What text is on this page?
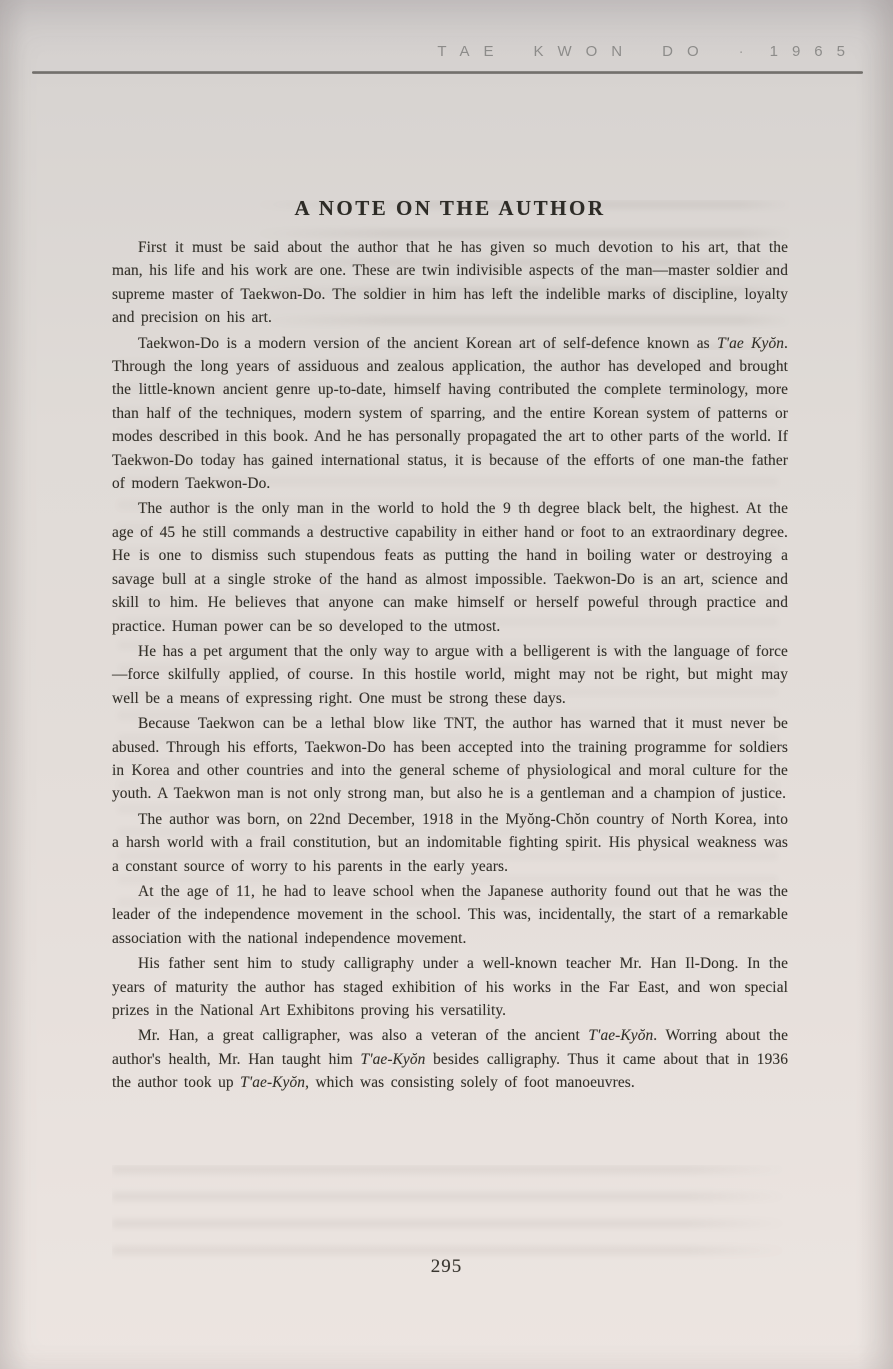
TAE KWON DO · 1965
A NOTE ON THE AUTHOR

First it must be said about the author that he has given so much devotion to his art, that the man, his life and his work are one. These are twin indivisible aspects of the man—master soldier and supreme master of Taekwon-Do. The soldier in him has left the indelible marks of discipline, loyalty and precision on his art.

Taekwon-Do is a modern version of the ancient Korean art of self-defence known as T'ae Kyŏn. Through the long years of assiduous and zealous application, the author has developed and brought the little-known ancient genre up-to-date, himself having contributed the complete terminology, more than half of the techniques, modern system of sparring, and the entire Korean system of patterns or modes described in this book. And he has personally propagated the art to other parts of the world. If Taekwon-Do today has gained international status, it is because of the efforts of one man-the father of modern Taekwon-Do.

The author is the only man in the world to hold the 9 th degree black belt, the highest. At the age of 45 he still commands a destructive capability in either hand or foot to an extraordinary degree. He is one to dismiss such stupendous feats as putting the hand in boiling water or destroying a savage bull at a single stroke of the hand as almost impossible. Taekwon-Do is an art, science and skill to him. He believes that anyone can make himself or herself poweful through practice and practice. Human power can be so developed to the utmost.

He has a pet argument that the only way to argue with a belligerent is with the language of force—force skilfully applied, of course. In this hostile world, might may not be right, but might may well be a means of expressing right. One must be strong these days.

Because Taekwon can be a lethal blow like TNT, the author has warned that it must never be abused. Through his efforts, Taekwon-Do has been accepted into the training programme for soldiers in Korea and other countries and into the general scheme of physiological and moral culture for the youth. A Taekwon man is not only strong man, but also he is a gentleman and a champion of justice.

The author was born, on 22nd December, 1918 in the Myŏng-Chŏn country of North Korea, into a harsh world with a frail constitution, but an indomitable fighting spirit. His physical weakness was a constant source of worry to his parents in the early years.

At the age of 11, he had to leave school when the Japanese authority found out that he was the leader of the independence movement in the school. This was, incidentally, the start of a remarkable association with the national independence movement.

His father sent him to study calligraphy under a well-known teacher Mr. Han Il-Dong. In the years of maturity the author has staged exhibition of his works in the Far East, and won special prizes in the National Art Exhibitons proving his versatility.

Mr. Han, a great calligrapher, was also a veteran of the ancient T'ae-Kyŏn. Worring about the author's health, Mr. Han taught him T'ae-Kyŏn besides calligraphy. Thus it came about that in 1936 the author took up T'ae-Kyŏn, which was consisting solely of foot manoeuvres.

295
